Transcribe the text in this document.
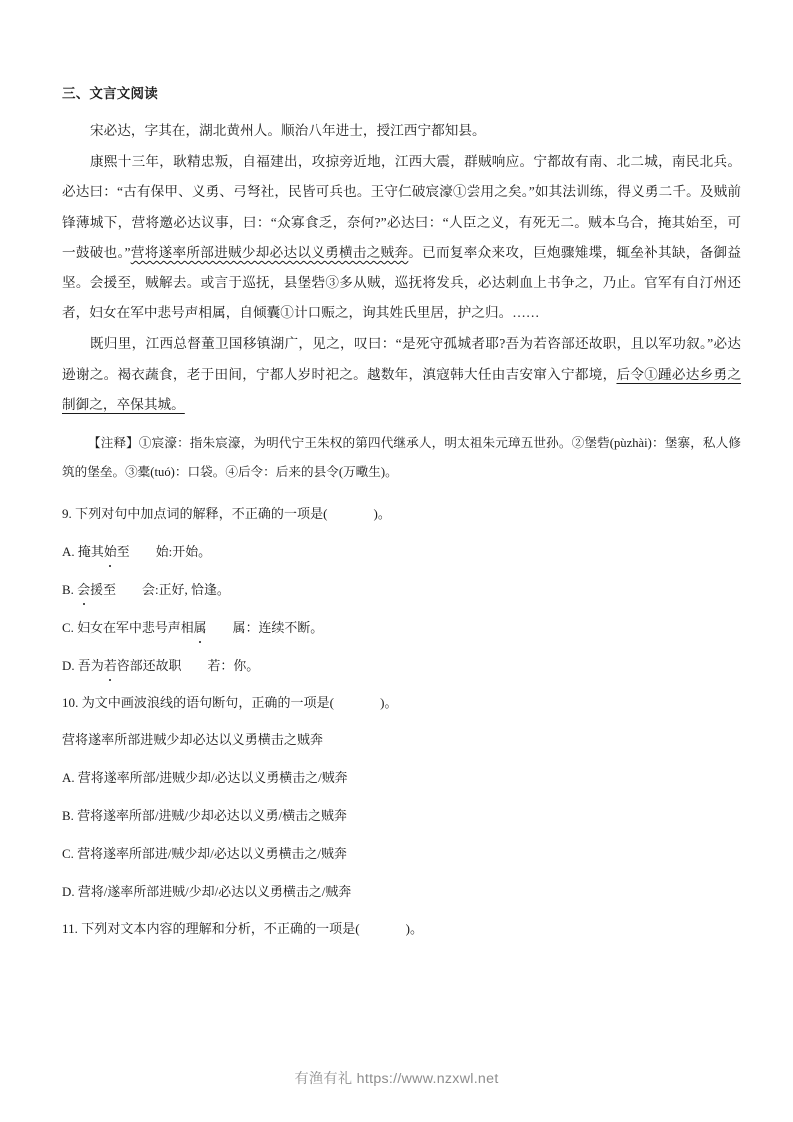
三、文言文阅读

宋必达，字其在，湖北黄州人。顺治八年进士，授江西宁都知县。

康熙十三年，耿精忠叛，自福建出，攻掠旁近地，江西大震，群贼响应。宁都故有南、北二城，南民北兵。必达曰：“古有保甲、义勇、弓弩社，民皆可兵也。王守仁破宸濠①尝用之矣。”如其法训练，得义勇二千。及贼前锋薄城下，营将邀必达议事，曰：“众寡食乏，奈何?”必达曰：“人臣之义，有死无二。贼本乌合，掩其始至，可一鼓破也。”营将遂率所部进贼少却必达以义勇横击之贼奔。已而复率众来攻，巨炮骤雉堞，辄垒补其缺，备御益坚。会援至，贼解去。或言于巡抚，县堡砦③多从贼，巡抚将发兵，必达刺血上书争之，乃止。官军有自汀州还者，妇女在军中悲号声相属，自倾囊①计口赈之，询其姓氏里居，护之归。……

既归里，江西总督董卫国移镇湖广，见之，叹曰：“是死守孤城者耶?吾为若咨部还故职，且以军功叙。”必达逊谢之。褐衣蔬食，老于田间，宁都人岁时祀之。越数年，滇寇韩大任由吉安窜入宁都境，后令①踵必达乡勇之制御之，卒保其城。

【注释】①宸濠：指朱宸濠，为明代宁王朱权的第四代继承人，明太祖朱元璋五世孙。②堡砦(pùzhài)：堡寨，私人修筑的堡垒。③橐(tuó)：口袋。④后令：后来的县令(万曔生)。

9. 下列对句中加点词的解释，不正确的一项是(	)。

A. 掩其始至 始:开始。

B. 会援至 会:正好, 恰逢。

C. 妇女在军中悲号声相属 属：连续不断。

D. 吾为若咨部还故职 若：你。

10. 为文中画波浪线的语句断句，正确的一项是(	)。

营将遂率所部进贼少却必达以义勇横击之贼奔

A. 营将遂率所部/进贼少却/必达以义勇横击之/贼奔

B. 营将遂率所部/进贼/少却必达以义勇/横击之贼奔

C. 营将遂率所部进/贼少却/必达以义勇横击之/贼奔

D. 营将/遂率所部进贼/少却/必达以义勇横击之/贼奔

11. 下列对文本内容的理解和分析，不正确的一项是(	)。

有渔有礼 https://www.nzxwl.net
